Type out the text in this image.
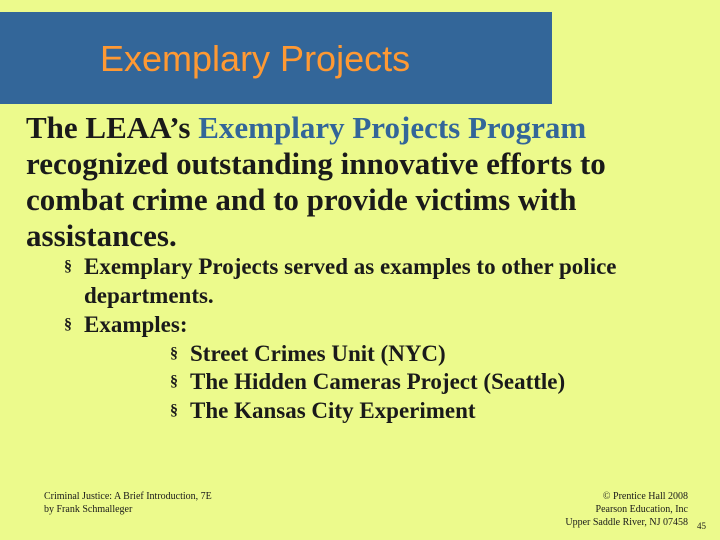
Exemplary Projects

The LEAA’s Exemplary Projects Program recognized outstanding innovative efforts to combat crime and to provide victims with assistances.

§ Exemplary Projects served as examples to other police departments.

§ Examples:

§ Street Crimes Unit (NYC)

§ The Hidden Cameras Project (Seattle)

§ The Kansas City Experiment

Criminal Justice: A Brief Introduction, 7E
by Frank Schmalleger
© Prentice Hall 2008
Pearson Education, Inc
Upper Saddle River, NJ 07458 45
